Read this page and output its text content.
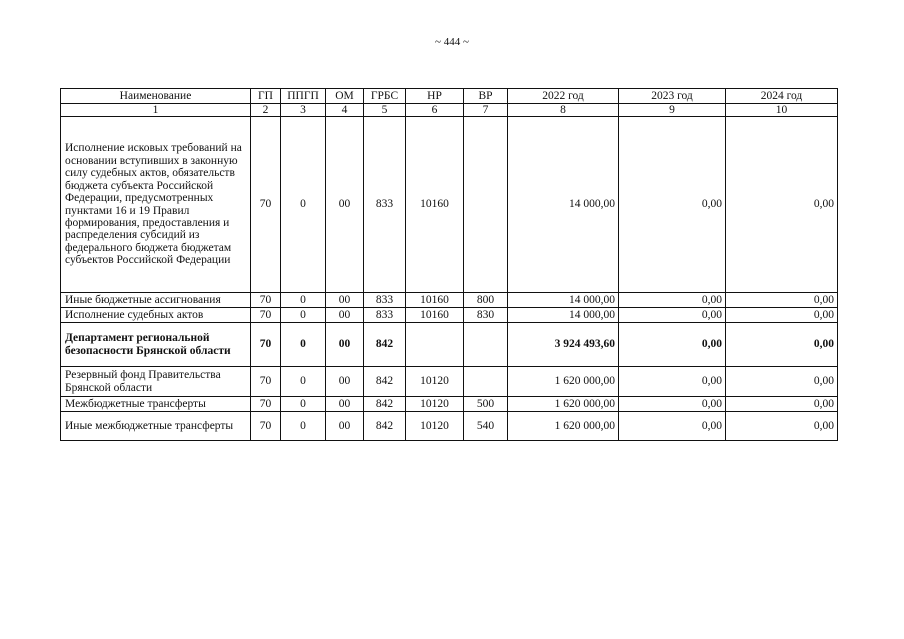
~ 444 ~
Наименование	ГП	ППГП	ОМ	ГРБС	НР	ВР	2022 год	2023 год	2024 год
1	2	3	4	5	6	7	8	9	10
Исполнение исковых требований на основании вступивших в законную силу судебных актов, обязательств бюджета субъекта Российской Федерации, предусмотренных пунктами 16 и 19 Правил формирования, предоставления и распределения субсидий из федерального бюджета бюджетам субъектов Российской Федерации	70	0	00	833	10160		14 000,00	0,00	0,00
Иные бюджетные ассигнования	70	0	00	833	10160	800	14 000,00	0,00	0,00
Исполнение судебных актов	70	0	00	833	10160	830	14 000,00	0,00	0,00
Департамент региональной безопасности Брянской области	70	0	00	842			3 924 493,60	0,00	0,00
Резервный фонд Правительства Брянской области	70	0	00	842	10120		1 620 000,00	0,00	0,00
Межбюджетные трансферты	70	0	00	842	10120	500	1 620 000,00	0,00	0,00
Иные межбюджетные трансферты	70	0	00	842	10120	540	1 620 000,00	0,00	0,00
